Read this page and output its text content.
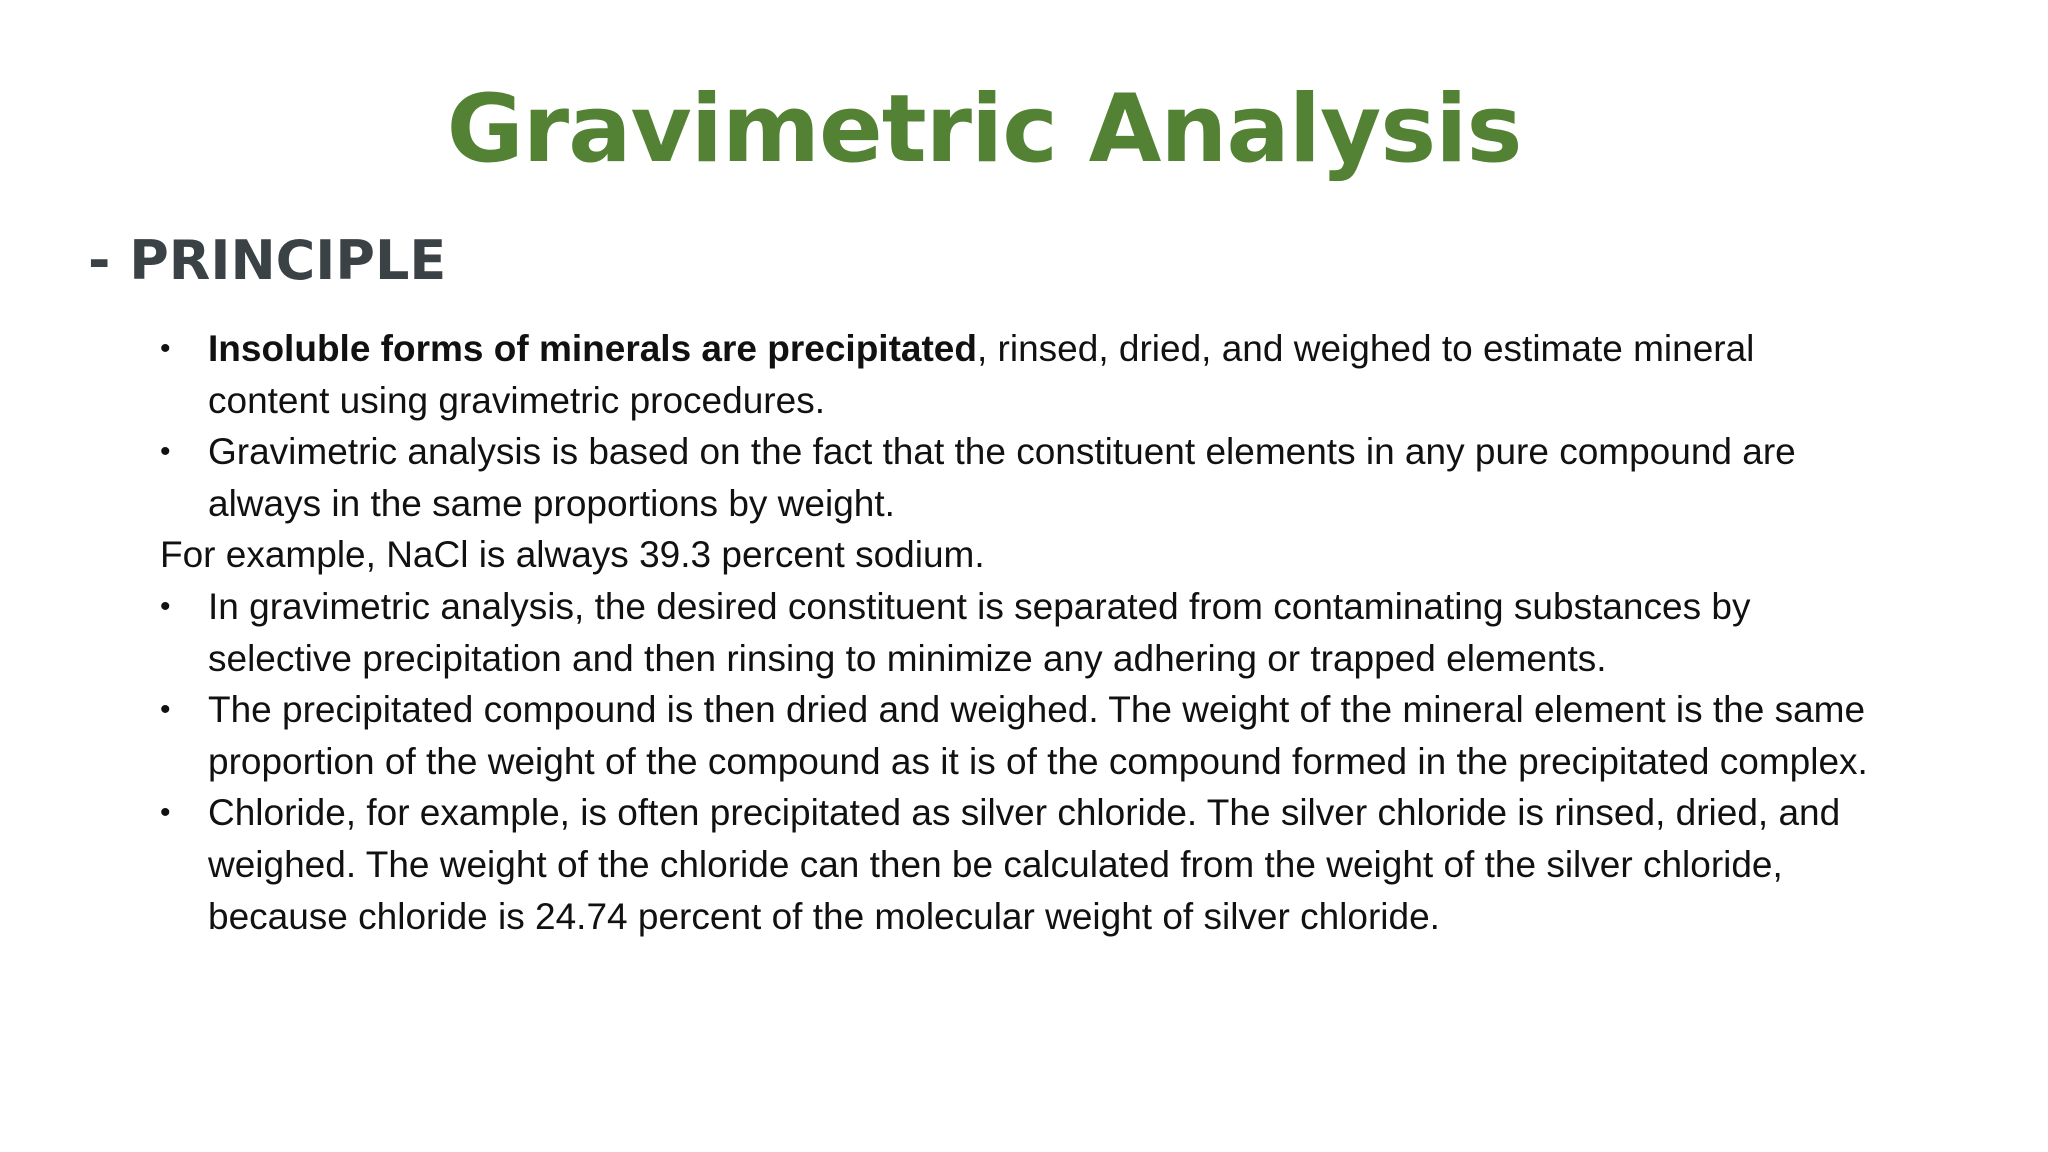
Gravimetric Analysis
- PRINCIPLE
•	Insoluble forms of minerals are precipitated, rinsed, dried, and weighed to estimate mineral content using gravimetric procedures.
•	Gravimetric analysis is based on the fact that the constituent elements in any pure compound are always in the same proportions by weight.
For example, NaCl is always 39.3 percent sodium.
•	In gravimetric analysis, the desired constituent is separated from contaminating substances by selective precipitation and then rinsing to minimize any adhering or trapped elements.
•	The precipitated compound is then dried and weighed. The weight of the mineral element is the same proportion of the weight of the compound as it is of the compound formed in the precipitated complex.
•	Chloride, for example, is often precipitated as silver chloride. The silver chloride is rinsed, dried, and weighed. The weight of the chloride can then be calculated from the weight of the silver chloride, because chloride is 24.74 percent of the molecular weight of silver chloride.
